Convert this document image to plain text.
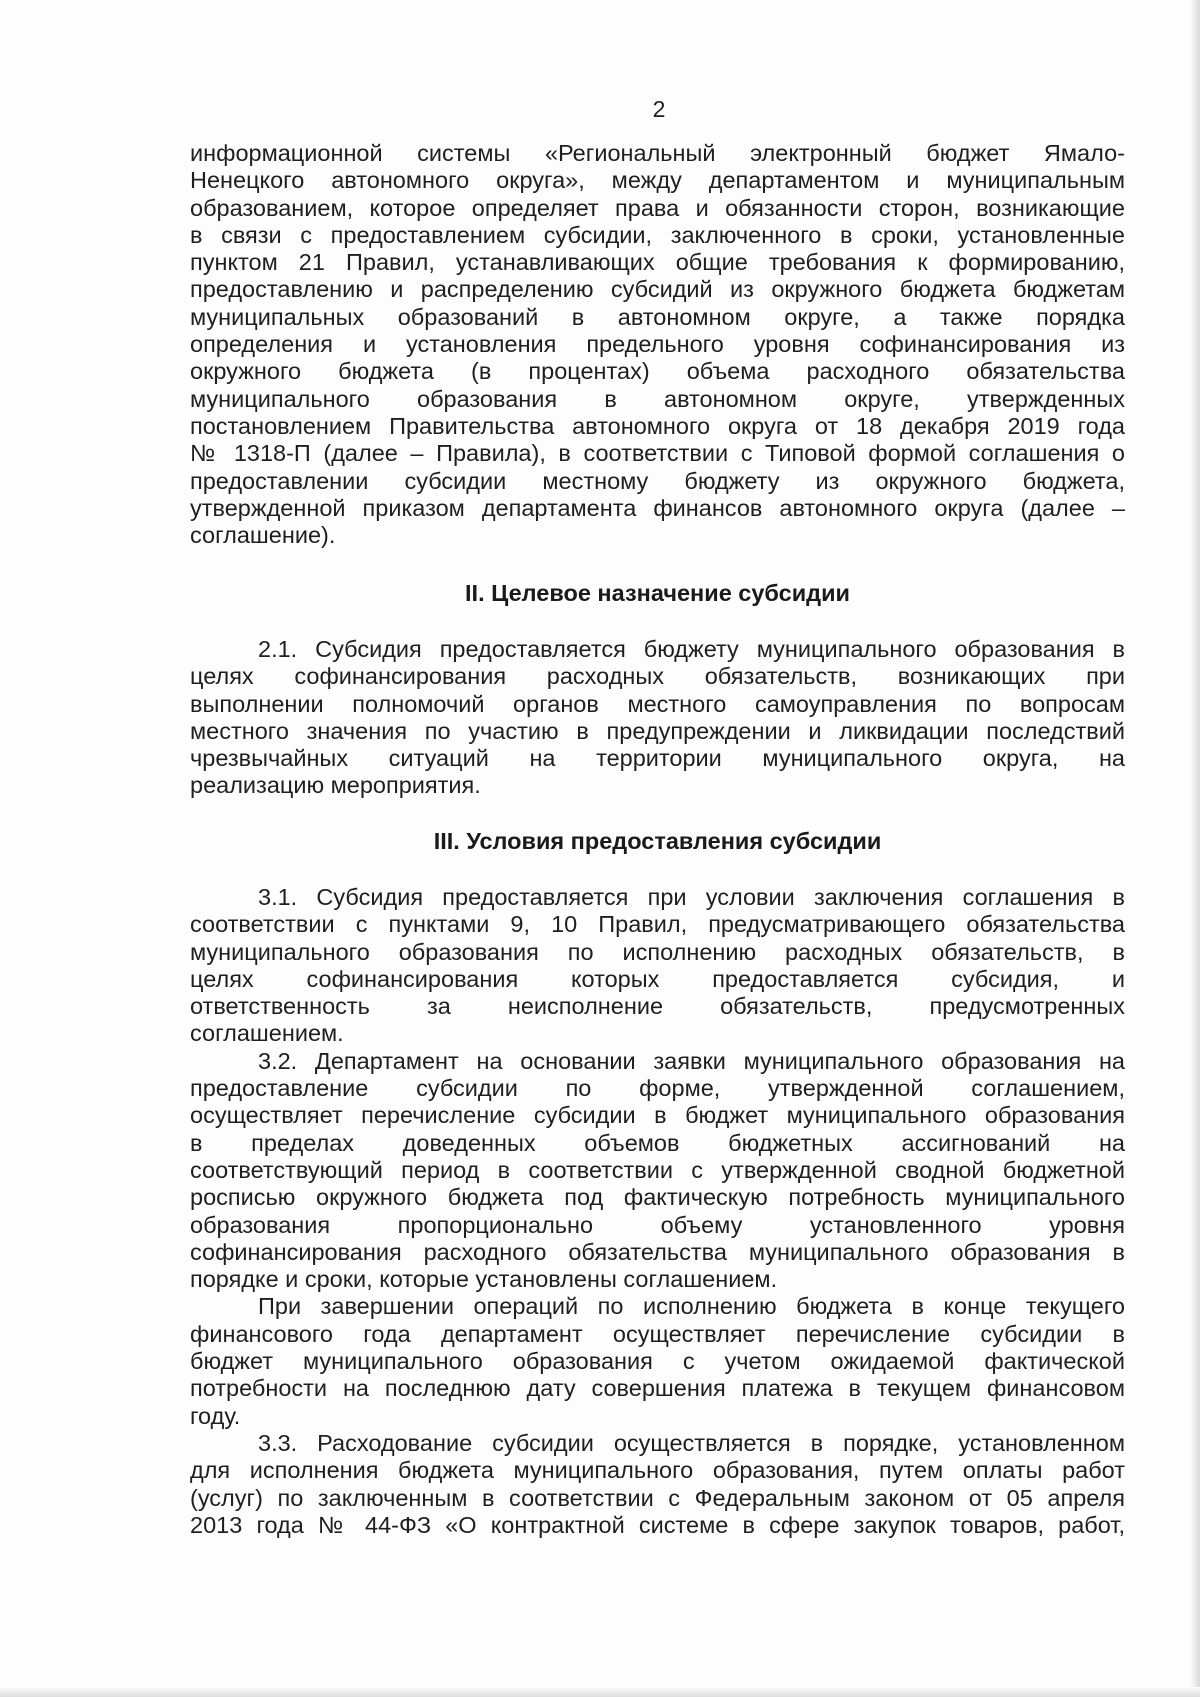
2
информационной системы «Региональный электронный бюджет Ямало-
Ненецкого автономного округа», между департаментом и муниципальным
образованием, которое определяет права и обязанности сторон, возникающие
в связи с предоставлением субсидии, заключенного в сроки, установленные
пунктом 21 Правил, устанавливающих общие требования к формированию,
предоставлению и распределению субсидий из окружного бюджета бюджетам
муниципальных образований в автономном округе, а также порядка
определения и установления предельного уровня софинансирования из
окружного бюджета (в процентах) объема расходного обязательства
муниципального образования в автономном округе, утвержденных
постановлением Правительства автономного округа от 18 декабря 2019 года
№ 1318-П (далее – Правила), в соответствии с Типовой формой соглашения о
предоставлении субсидии местному бюджету из окружного бюджета,
утвержденной приказом департамента финансов автономного округа (далее –
соглашение).
II. Целевое назначение субсидии
2.1. Субсидия предоставляется бюджету муниципального образования в
целях софинансирования расходных обязательств, возникающих при
выполнении полномочий органов местного самоуправления по вопросам
местного значения по участию в предупреждении и ликвидации последствий
чрезвычайных ситуаций на территории муниципального округа, на
реализацию мероприятия.
III. Условия предоставления субсидии
3.1. Субсидия предоставляется при условии заключения соглашения в
соответствии с пунктами 9, 10 Правил, предусматривающего обязательства
муниципального образования по исполнению расходных обязательств, в
целях софинансирования которых предоставляется субсидия, и
ответственность за неисполнение обязательств, предусмотренных
соглашением.
3.2. Департамент на основании заявки муниципального образования на
предоставление субсидии по форме, утвержденной соглашением,
осуществляет перечисление субсидии в бюджет муниципального образования
в пределах доведенных объемов бюджетных ассигнований на
соответствующий период в соответствии с утвержденной сводной бюджетной
росписью окружного бюджета под фактическую потребность муниципального
образования пропорционально объему установленного уровня
софинансирования расходного обязательства муниципального образования в
порядке и сроки, которые установлены соглашением.
При завершении операций по исполнению бюджета в конце текущего
финансового года департамент осуществляет перечисление субсидии в
бюджет муниципального образования с учетом ожидаемой фактической
потребности на последнюю дату совершения платежа в текущем финансовом
году.
3.3. Расходование субсидии осуществляется в порядке, установленном
для исполнения бюджета муниципального образования, путем оплаты работ
(услуг) по заключенным в соответствии с Федеральным законом от 05 апреля
2013 года № 44-ФЗ «О контрактной системе в сфере закупок товаров, работ,
